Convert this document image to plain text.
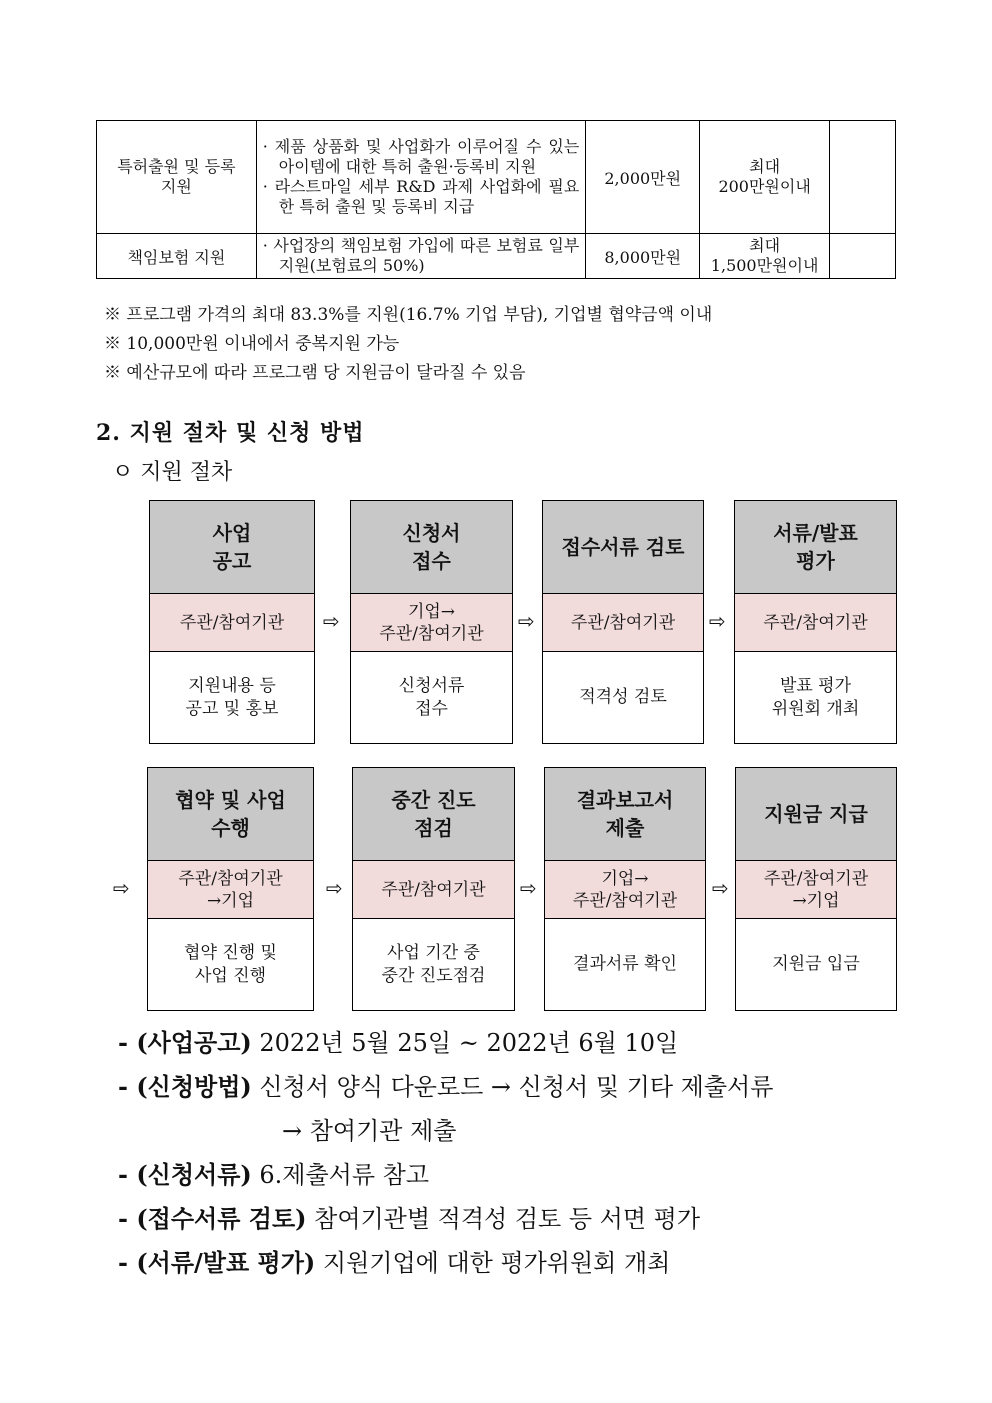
특허출원 및 등록
지원	· 제품 상품화 및 사업화가 이루어질 수 있는 아이템에 대한 특허 출원·등록비 지원
· 라스트마일 세부 R&D 과제 사업화에 필요한 특허 출원 및 등록비 지급	2,000만원	최대
200만원이내	
책임보험 지원	· 사업장의 책임보험 가입에 따른 보험료 일부 지원(보험료의 50%)	8,000만원	최대
1,500만원이내	
※ 프로그램 가격의 최대 83.3%를 지원(16.7% 기업 부담), 기업별 협약금액 이내
※ 10,000만원 이내에서 중복지원 가능
※ 예산규모에 따라 프로그램 당 지원금이 달라질 수 있음
2. 지원 절차 및 신청 방법

ㅇ 지원 절차

사업
공고
주관/참여기관
지원내용 등
공고 및 홍보
신청서
접수
기업→
주관/참여기관
신청서류
접수
접수서류 검토
주관/참여기관
적격성 검토
서류/발표
평가
주관/참여기관
발표 평가
위원회 개최
⇨	⇨	⇨
⇨
협약 및 사업
수행
주관/참여기관
→기업
협약 진행 및
사업 진행
중간 진도
점검
주관/참여기관
사업 기간 중
중간 진도점검
결과보고서
제출
기업→
주관/참여기관
결과서류 확인
지원금 지급
주관/참여기관
→기업
지원금 입금
⇨	⇨	⇨
- (사업공고) 2022년 5월 25일 ~ 2022년 6월 10일
- (신청방법) 신청서 양식 다운로드 → 신청서 및 기타 제출서류
→ 참여기관 제출
- (신청서류) 6.제출서류 참고
- (접수서류 검토) 참여기관별 적격성 검토 등 서면 평가
- (서류/발표 평가) 지원기업에 대한 평가위원회 개최
